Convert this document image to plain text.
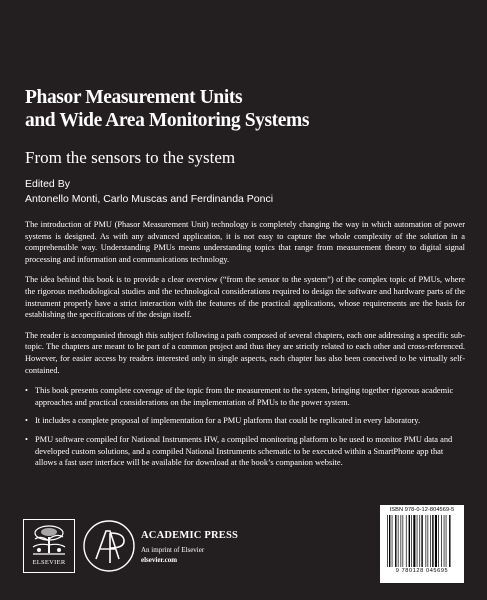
Phasor Measurement Units
and Wide Area Monitoring Systems
From the sensors to the system
Edited By
Antonello Monti, Carlo Muscas and Ferdinanda Ponci

The introduction of PMU (Phasor Measurement Unit) technology is completely changing the way in which automation of power systems is designed. As with any advanced application, it is not easy to capture the whole complexity of the solution in a comprehensible way. Understanding PMUs means understanding topics that range from measurement theory to digital signal processing and information and communications technology.

The idea behind this book is to provide a clear overview (“from the sensor to the system”) of the complex topic of PMUs, where the rigorous methodological studies and the technological considerations required to design the software and hardware parts of the instrument properly have a strict interaction with the features of the practical applications, whose requirements are the basis for establishing the specifications of the design itself.

The reader is accompanied through this subject following a path composed of several chapters, each one addressing a specific sub-topic. The chapters are meant to be part of a common project and thus they are strictly related to each other and cross-referenced. However, for easier access by readers interested only in single aspects, each chapter has also been conceived to be virtually self-contained.

• This book presents complete coverage of the topic from the measurement to the system, bringing together rigorous academic approaches and practical considerations on the implementation of PMUs to the power system.
• It includes a complete proposal of implementation for a PMU platform that could be replicated in every laboratory.
• PMU software compiled for National Instruments HW, a compiled monitoring platform to be used to monitor PMU data and developed custom solutions, and a compiled National Instruments schematic to be executed within a SmartPhone app that allows a fast user interface will be available for download at the book’s companion website.
ELSEVIER
ACADEMIC PRESS
An imprint of Elsevier
elsevier.com
ISBN 978-0-12-804569-5
9 780128 045695
